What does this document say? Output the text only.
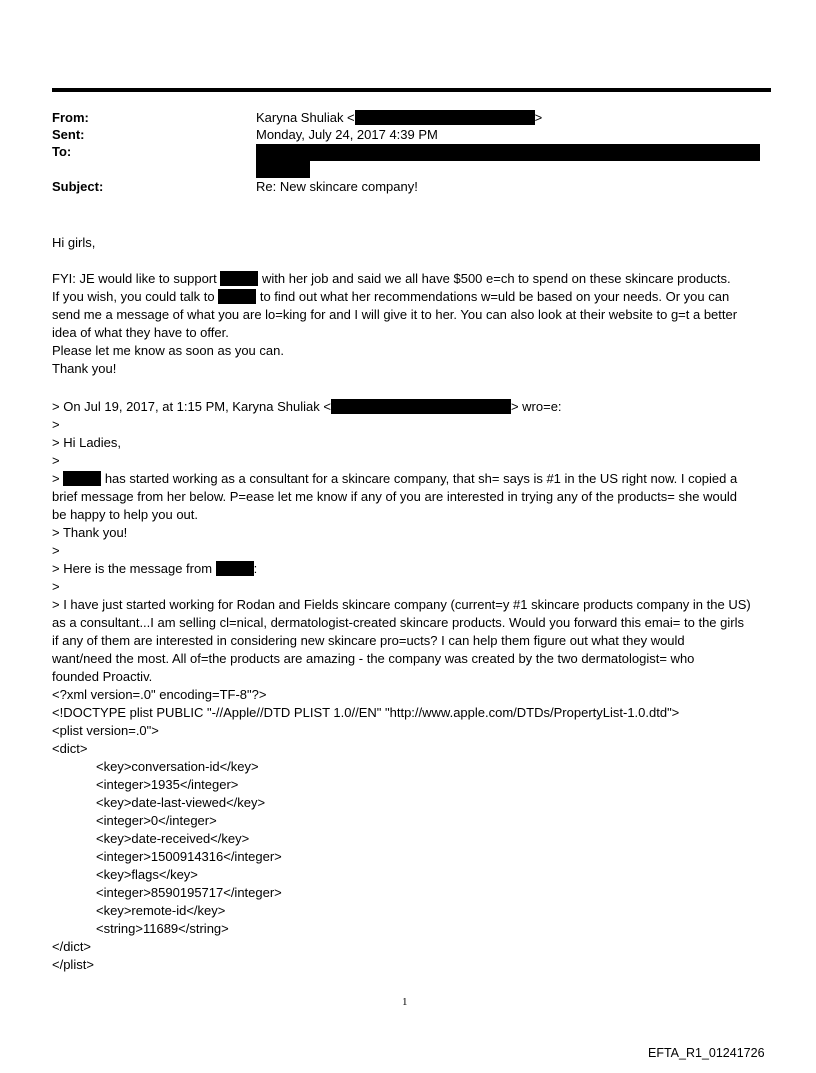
From:	Karyna Shuliak <	>
Sent:	Monday, July 24, 2017 4:39 PM
To:
Subject:	Re: New skincare company!
Hi girls,
FYI: JE would like to support	with her job and said we all have $500 e=ch to spend on these skincare products.
If you wish, you could talk to	to find out what her recommendations w=uld be based on your needs. Or you can
send me a message of what you are lo=king for and I will give it to her. You can also look at their website to g=t a better
idea of what they have to offer.
Please let me know as soon as you can.
Thank you!
> On Jul 19, 2017, at 1:15 PM, Karyna Shuliak <	> wro=e:
>
> Hi Ladies,
>
>	has started working as a consultant for a skincare company, that sh= says is #1 in the US right now. I copied a
brief message from her below. P=ease let me know if any of you are interested in trying any of the products= she would
be happy to help you out.
> Thank you!
>
> Here is the message from	:
>
> I have just started working for Rodan and Fields skincare company (current=y #1 skincare products company in the US)
as a consultant...I am selling cl=nical, dermatologist-created skincare products. Would you forward this emai= to the girls
if any of them are interested in considering new skincare pro=ucts? I can help them figure out what they would
want/need the most. All of=the products are amazing - the company was created by the two dermatologist= who
founded Proactiv.
<?xml version=.0" encoding=TF-8"?>
<!DOCTYPE plist PUBLIC "-//Apple//DTD PLIST 1.0//EN" "http://www.apple.com/DTDs/PropertyList-1.0.dtd">
<plist version=.0">
<dict>
<key>conversation-id</key>
<integer>1935</integer>
<key>date-last-viewed</key>
<integer>0</integer>
<key>date-received</key>
<integer>1500914316</integer>
<key>flags</key>
<integer>8590195717</integer>
<key>remote-id</key>
<string>11689</string>
</dict>
</plist>
1
EFTA_R1_01241726
